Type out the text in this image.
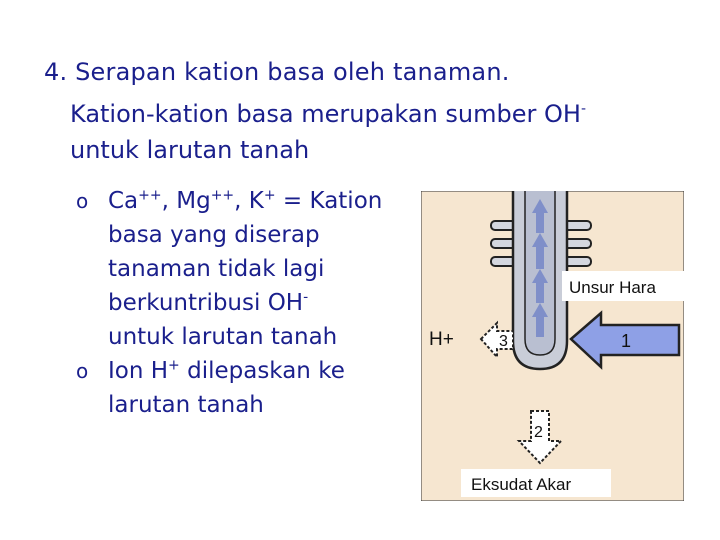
4. Serapan kation basa oleh tanaman.
Kation-kation basa merupakan sumber OH-
untuk larutan tanah
o Ca++, Mg++, K+ = Kation
basa yang diserap
tanaman tidak lagi
berkuntribusi OH-
untuk larutan tanah
o Ion H+ dilepaskan ke
larutan tanah
Unsur Hara
1
3
H+
2
Eksudat Akar
